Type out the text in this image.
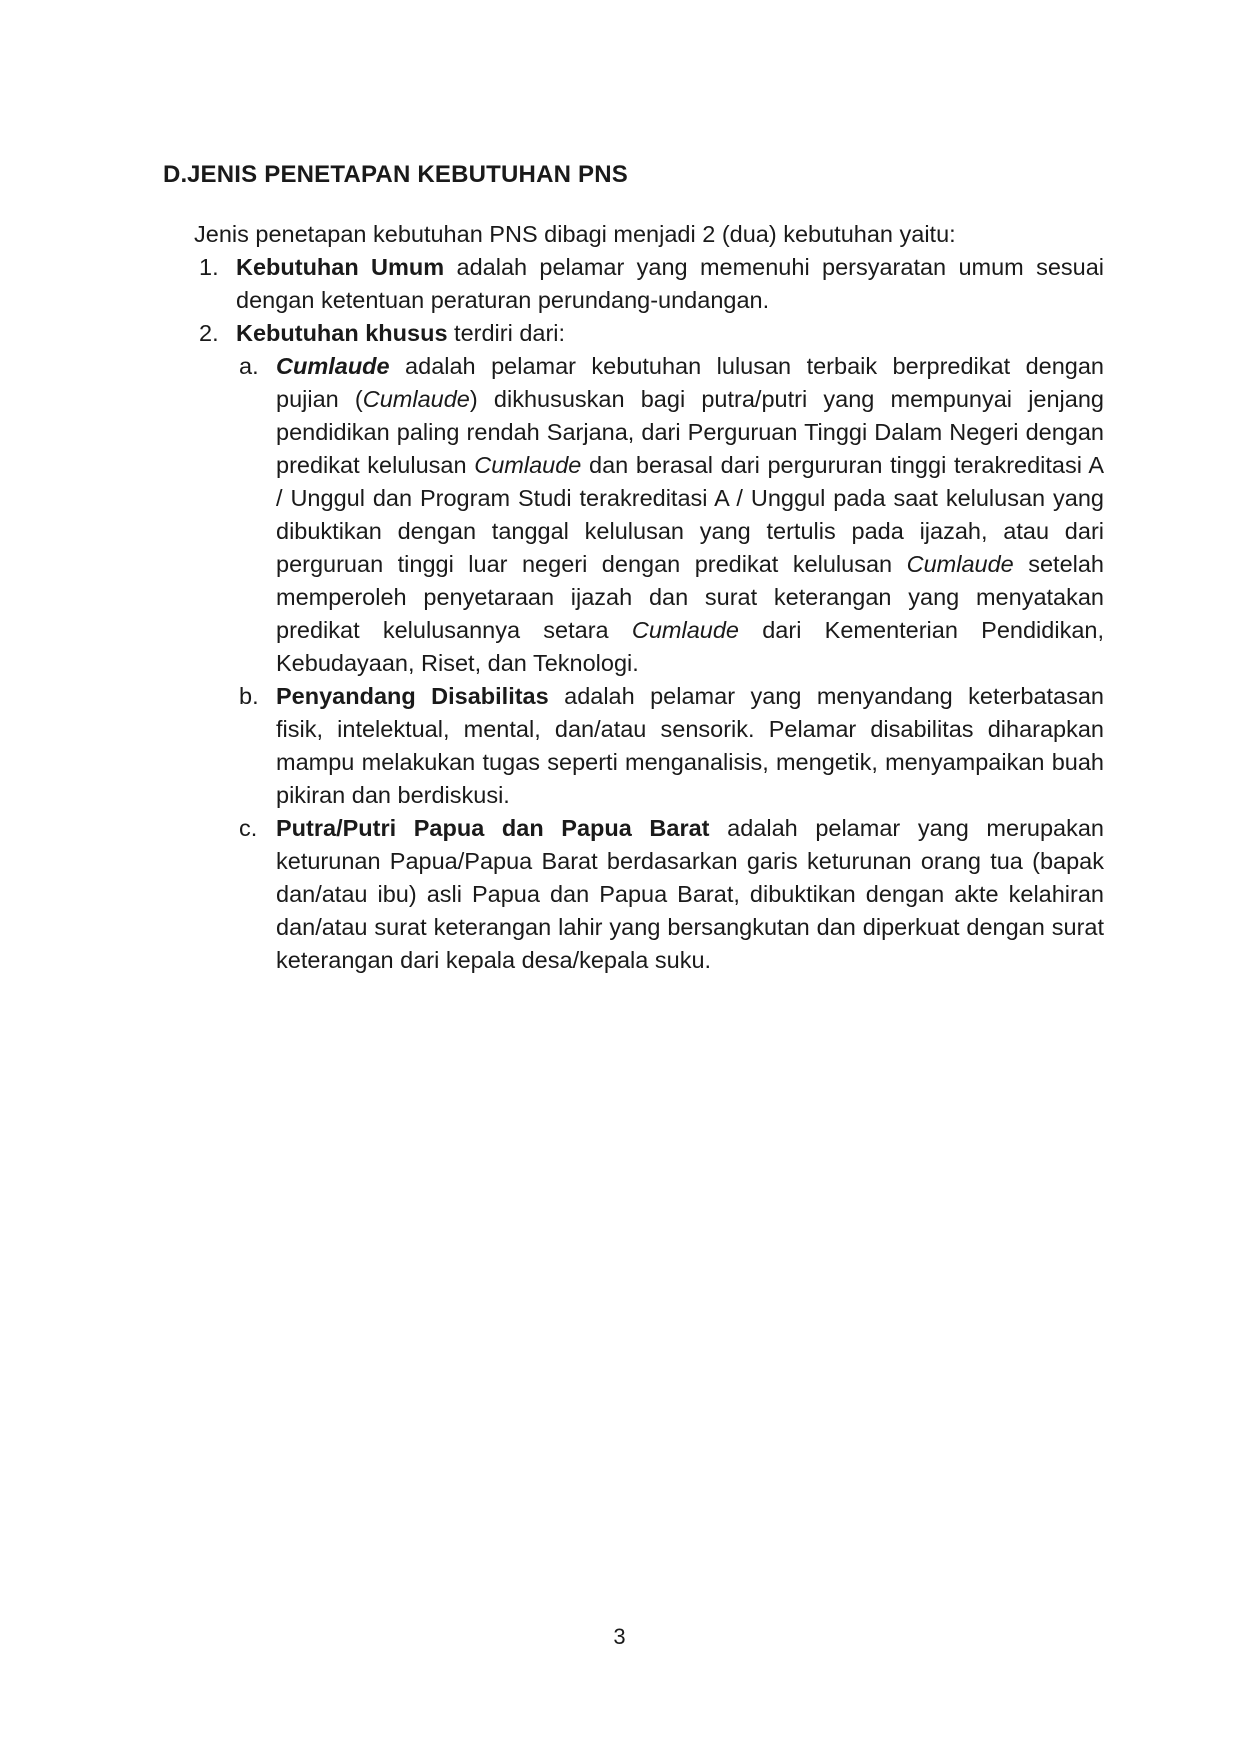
D.JENIS PENETAPAN KEBUTUHAN PNS
Jenis penetapan kebutuhan PNS dibagi menjadi 2 (dua) kebutuhan yaitu:
1. Kebutuhan Umum adalah pelamar yang memenuhi persyaratan umum sesuai dengan ketentuan peraturan perundang-undangan.
2. Kebutuhan khusus terdiri dari:
a. Cumlaude adalah pelamar kebutuhan lulusan terbaik berpredikat dengan pujian (Cumlaude) dikhususkan bagi putra/putri yang mempunyai jenjang pendidikan paling rendah Sarjana, dari Perguruan Tinggi Dalam Negeri dengan predikat kelulusan Cumlaude dan berasal dari pergururan tinggi terakreditasi A / Unggul dan Program Studi terakreditasi A / Unggul pada saat kelulusan yang dibuktikan dengan tanggal kelulusan yang tertulis pada ijazah, atau dari perguruan tinggi luar negeri dengan predikat kelulusan Cumlaude setelah memperoleh penyetaraan ijazah dan surat keterangan yang menyatakan predikat kelulusannya setara Cumlaude dari Kementerian Pendidikan, Kebudayaan, Riset, dan Teknologi.
b. Penyandang Disabilitas adalah pelamar yang menyandang keterbatasan fisik, intelektual, mental, dan/atau sensorik. Pelamar disabilitas diharapkan mampu melakukan tugas seperti menganalisis, mengetik, menyampaikan buah pikiran dan berdiskusi.
c. Putra/Putri Papua dan Papua Barat adalah pelamar yang merupakan keturunan Papua/Papua Barat berdasarkan garis keturunan orang tua (bapak dan/atau ibu) asli Papua dan Papua Barat, dibuktikan dengan akte kelahiran dan/atau surat keterangan lahir yang bersangkutan dan diperkuat dengan surat keterangan dari kepala desa/kepala suku.
3
